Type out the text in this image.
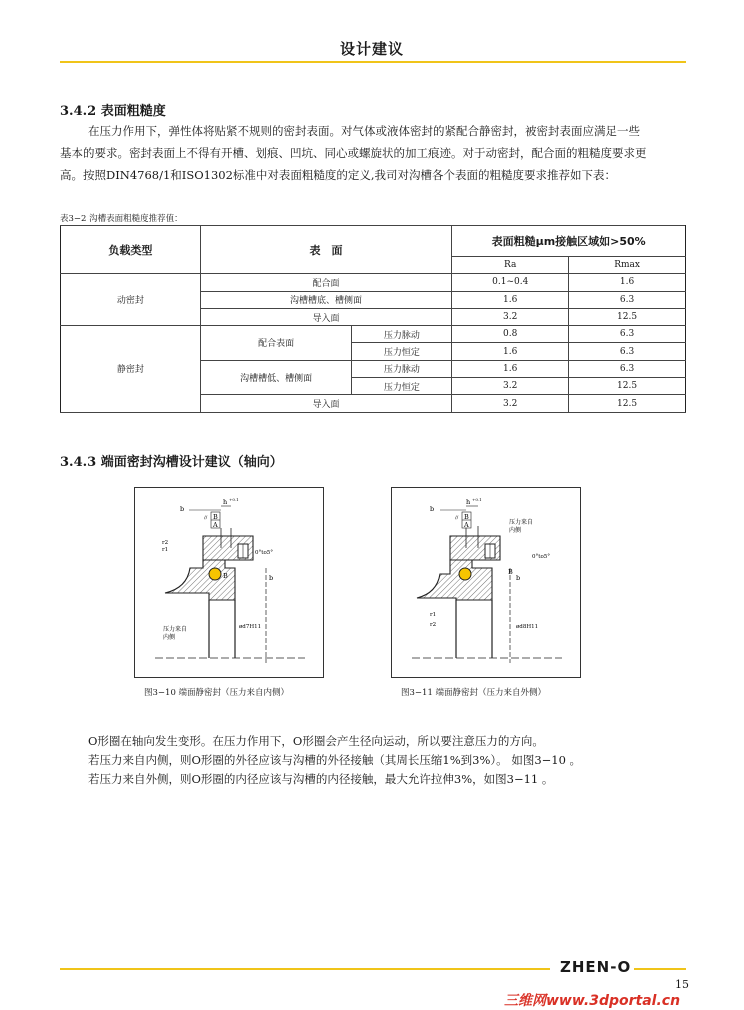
设计建议
3.4.2 表面粗糙度

在压力作用下，弹性体将贴紧不规则的密封表面。对气体或液体密封的紧配合静密封，被密封表面应满足一些

基本的要求。密封表面上不得有开槽、划痕、凹坑、同心或螺旋状的加工痕迹。对于动密封，配合面的粗糙度要求更

高。按照DIN4768/1和ISO1302标准中对表面粗糙度的定义,我司对沟槽各个表面的粗糙度要求推荐如下表：

表3−2 沟槽表面粗糙度推荐值：
负载类型	表　面		表面粗糙μm接触区域如>50%	
			Ra	Rmax
动密封	配合面		0.1~0.4	1.6
	沟槽槽底、槽侧面		1.6	6.3
	导入面		3.2	12.5
静密封	配合表面	压力脉动	0.8	6.3
		压力恒定	1.6	6.3
	沟槽槽低、槽侧面	压力脉动	1.6	6.3
		压力恒定	3.2	12.5
	导入面		3.2	12.5
3.4.3 端面密封沟槽设计建议（轴向）
b
h +0.1
// B
A
r2
r1	0°to5°
B	b
压力来自
内侧
ød7H11
图3−10 端面静密封（压力来自内侧）
b
h +0.1
// B
A	压力来自
内侧
0°to5°
B
b
r1
r2	ød8H11
图3−11 端面静密封（压力来自外侧）

O形圈在轴向发生变形。在压力作用下，O形圈会产生径向运动，所以要注意压力的方向。

若压力来自内侧，则O形圈的外径应该与沟槽的外径接触（其周长压缩1%到3%）。 如图3−10 。

若压力来自外侧，则O形圈的内径应该与沟槽的内径接触，最大允许拉伸3%，如图3−11 。

ZHEN-O
15
三维网www.3dportal.cn
